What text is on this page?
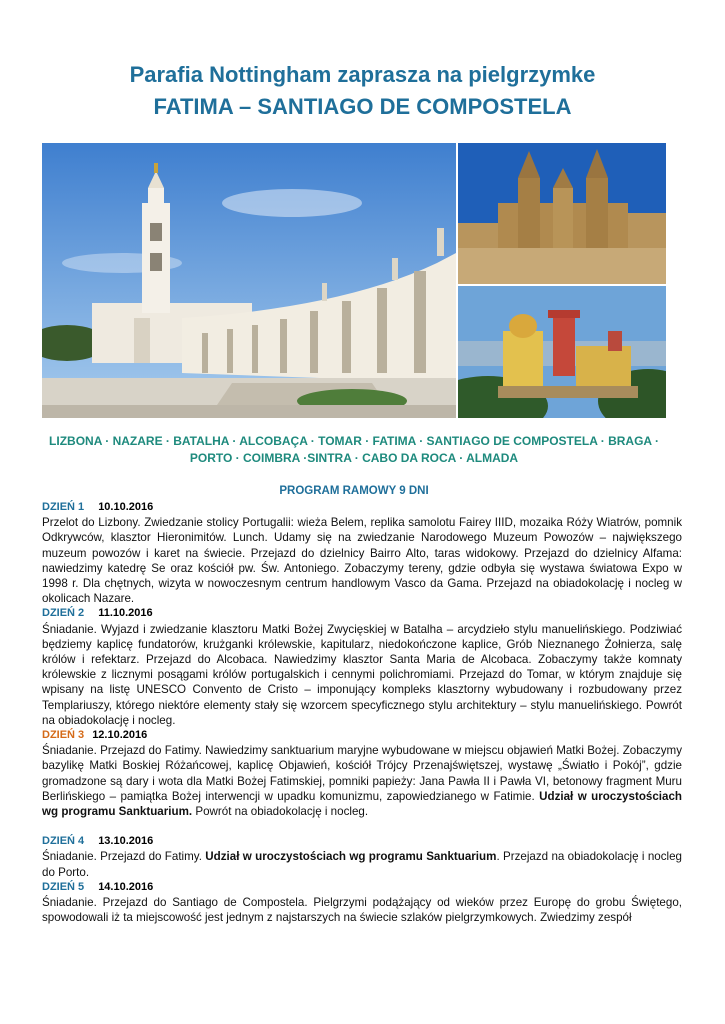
Parafia Nottingham zaprasza na pielgrzymke
FATIMA – SANTIAGO DE COMPOSTELA
LIZBONA · NAZARE · BATALHA · ALCOBAÇA · TOMAR · FATIMA · SANTIAGO DE COMPOSTELA · BRAGA ·
PORTO · COIMBRA ·SINTRA · CABO DA ROCA · ALMADA
PROGRAM RAMOWY 9 DNI

DZIEŃ 1 10.10.2016

Przelot do Lizbony. Zwiedzanie stolicy Portugalii: wieża Belem, replika samolotu Fairey IIID, mozaika Róży Wiatrów, pomnik Odkrywców, klasztor Hieronimitów. Lunch. Udamy się na zwiedzanie Narodowego Muzeum Powozów – największego muzeum powozów i karet na świecie. Przejazd do dzielnicy Bairro Alto, taras widokowy. Przejazd do dzielnicy Alfama: nawiedzimy katedrę Se oraz kościół pw. Św. Antoniego. Zobaczymy tereny, gdzie odbyła się wystawa światowa Expo w 1998 r. Dla chętnych, wizyta w nowoczesnym centrum handlowym Vasco da Gama. Przejazd na obiadokolację i nocleg w okolicach Nazare.

DZIEŃ 2 11.10.2016

Śniadanie. Wyjazd i zwiedzanie klasztoru Matki Bożej Zwycięskiej w Batalha – arcydzieło stylu manuelińskiego. Podziwiać będziemy kaplicę fundatorów, krużganki królewskie, kapitularz, niedokończone kaplice, Grób Nieznanego Żołnierza, salę królów i refektarz. Przejazd do Alcobaca. Nawiedzimy klasztor Santa Maria de Alcobaca. Zobaczymy także komnaty królewskie z licznymi posągami królów portugalskich i cennymi polichromiami. Przejazd do Tomar, w którym znajduje się wpisany na listę UNESCO Convento de Cristo – imponujący kompleks klasztorny wybudowany i rozbudowany przez Templariuszy, którego niektóre elementy stały się wzorcem specyficznego stylu architektury – stylu manuelińskiego. Powrót na obiadokolację i nocleg.

DZIEŃ 3 12.10.2016

Śniadanie. Przejazd do Fatimy. Nawiedzimy sanktuarium maryjne wybudowane w miejscu objawień Matki Bożej. Zobaczymy bazylikę Matki Boskiej Różańcowej, kaplicę Objawień, kościół Trójcy Przenajświętszej, wystawę „Światło i Pokój”, gdzie gromadzone są dary i wota dla Matki Bożej Fatimskiej, pomniki papieży: Jana Pawła II i Pawła VI, betonowy fragment Muru Berlińskiego – pamiątka Bożej interwencji w upadku komunizmu, zapowiedzianego w Fatimie. Udział w uroczystościach wg programu Sanktuarium. Powrót na obiadokolację i nocleg.

DZIEŃ 4 13.10.2016

Śniadanie. Przejazd do Fatimy. Udział w uroczystościach wg programu Sanktuarium. Przejazd na obiadokolację i nocleg do Porto.

DZIEŃ 5 14.10.2016

Śniadanie. Przejazd do Santiago de Compostela. Pielgrzymi podążający od wieków przez Europę do grobu Świętego, spowodowali iż ta miejscowość jest jednym z najstarszych na świecie szlaków pielgrzymkowych. Zwiedzimy zespół
